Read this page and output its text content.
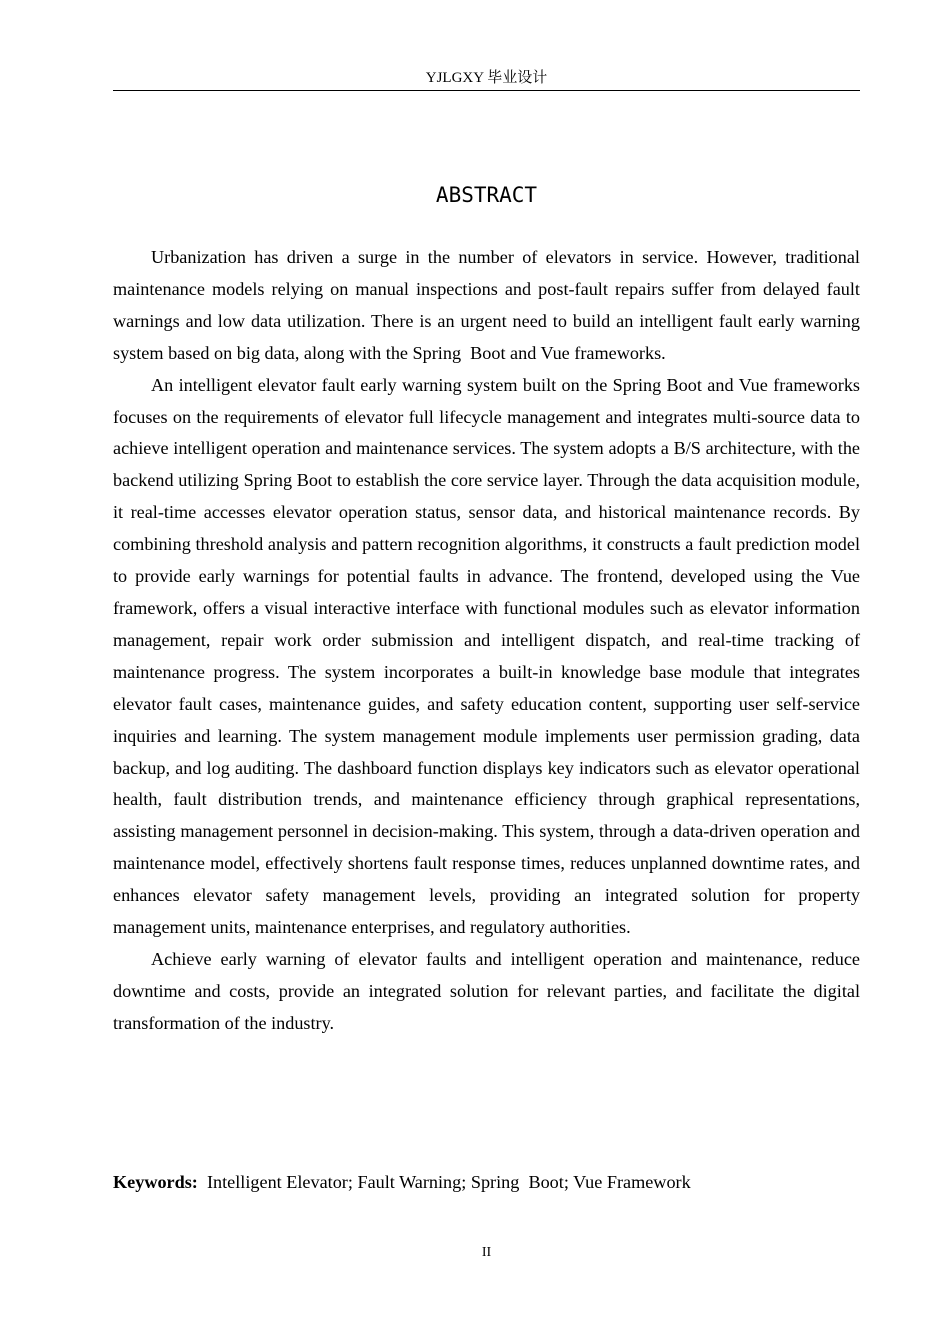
YJLGXY 毕业设计
ABSTRACT

Urbanization has driven a surge in the number of elevators in service. However, traditional maintenance models relying on manual inspections and post-fault repairs suffer from delayed fault warnings and low data utilization. There is an urgent need to build an intelligent fault early warning system based on big data, along with the Spring  Boot and Vue frameworks.

An intelligent elevator fault early warning system built on the Spring Boot and Vue frameworks focuses on the requirements of elevator full lifecycle management and integrates multi-source data to achieve intelligent operation and maintenance services. The system adopts a B/S architecture, with the backend utilizing Spring Boot to establish the core service layer. Through the data acquisition module, it real-time accesses elevator operation status, sensor data, and historical maintenance records. By combining threshold analysis and pattern recognition algorithms, it constructs a fault prediction model to provide early warnings for potential faults in advance. The frontend, developed using the Vue framework, offers a visual interactive interface with functional modules such as elevator information management, repair work order submission and intelligent dispatch, and real-time tracking of maintenance progress. The system incorporates a built-in knowledge base module that integrates elevator fault cases, maintenance guides, and safety education content, supporting user self-service inquiries and learning. The system management module implements user permission grading, data backup, and log auditing. The dashboard function displays key indicators such as elevator operational health, fault distribution trends, and maintenance efficiency through graphical representations, assisting management personnel in decision-making. This system, through a data-driven operation and maintenance model, effectively shortens fault response times, reduces unplanned downtime rates, and enhances elevator safety management levels, providing an integrated solution for property management units, maintenance enterprises, and regulatory authorities.

Achieve early warning of elevator faults and intelligent operation and maintenance, reduce downtime and costs, provide an integrated solution for relevant parties, and facilitate the digital transformation of the industry.

Keywords: Intelligent Elevator; Fault Warning; Spring  Boot; Vue Framework
II
